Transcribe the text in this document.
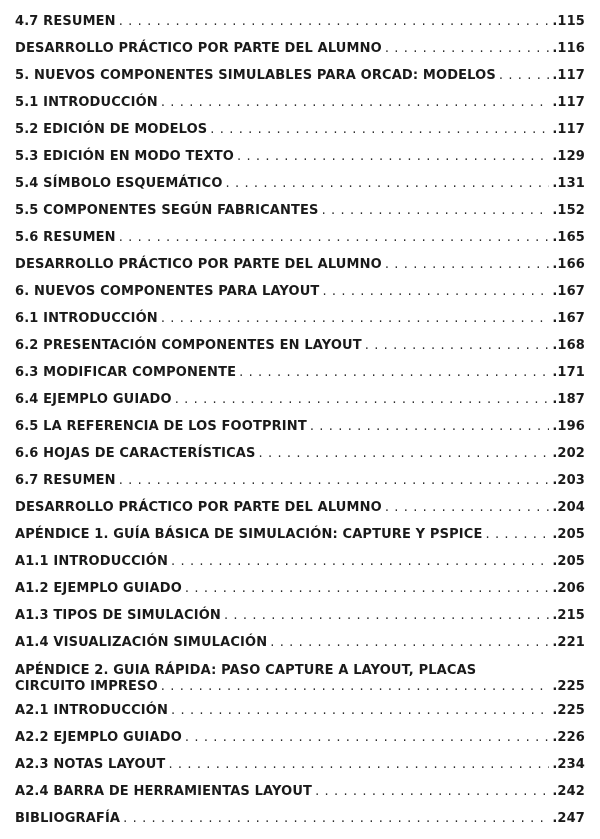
4.7 RESUMEN . . .	.115
DESARROLLO PRÁCTICO POR PARTE DEL ALUMNO . . .	.116
5. NUEVOS COMPONENTES SIMULABLES PARA ORCAD: MODELOS . . .	.117
5.1 INTRODUCCIÓN . . .	.117
5.2 EDICIÓN DE MODELOS . . .	.117
5.3 EDICIÓN EN MODO TEXTO . . .	.129
5.4 SÍMBOLO ESQUEMÁTICO . . .	.131
5.5 COMPONENTES SEGÚN FABRICANTES . . .	.152
5.6 RESUMEN . . .	.165
DESARROLLO PRÁCTICO POR PARTE DEL ALUMNO . . .	.166
6. NUEVOS COMPONENTES PARA LAYOUT . . .	.167
6.1 INTRODUCCIÓN . . .	.167
6.2 PRESENTACIÓN COMPONENTES EN LAYOUT . . .	.168
6.3 MODIFICAR COMPONENTE . . .	.171
6.4 EJEMPLO GUIADO . . .	.187
6.5 LA REFERENCIA DE LOS FOOTPRINT . . .	.196
6.6 HOJAS DE CARACTERÍSTICAS . . .	.202
6.7 RESUMEN . . .	.203
DESARROLLO PRÁCTICO POR PARTE DEL ALUMNO . . .	.204
APÉNDICE 1. GUÍA BÁSICA DE SIMULACIÓN: CAPTURE Y PSPICE . . .	.205
A1.1 INTRODUCCIÓN . . .	.205
A1.2 EJEMPLO GUIADO . . .	.206
A1.3 TIPOS DE SIMULACIÓN . . .	.215
A1.4 VISUALIZACIÓN SIMULACIÓN . . .	.221
APÉNDICE 2. GUIA RÁPIDA: PASO CAPTURE A LAYOUT, PLACAS
CIRCUITO IMPRESO . . .	.225
A2.1 INTRODUCCIÓN . . .	.225
A2.2 EJEMPLO GUIADO . . .	.226
A2.3 NOTAS LAYOUT . . .	.234
A2.4 BARRA DE HERRAMIENTAS LAYOUT . . .	.242
BIBLIOGRAFÍA . . .	.247
